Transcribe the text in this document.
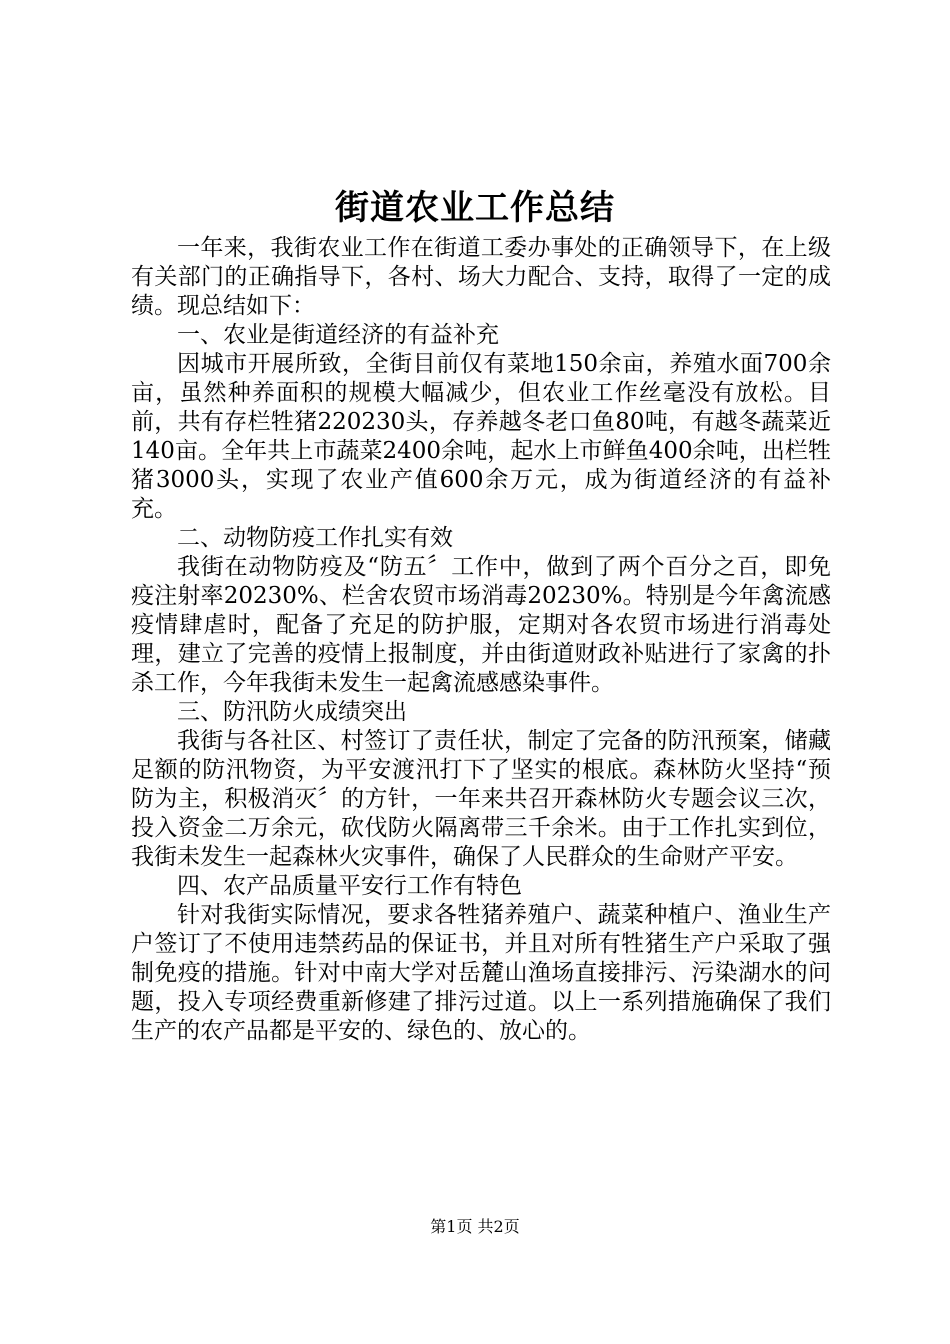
街道农业工作总结

一年来，我街农业工作在街道工委办事处的正确领导下，在上级有关部门的正确指导下，各村、场大力配合、支持，取得了一定的成绩。现总结如下：

一、农业是街道经济的有益补充

因城市开展所致，全街目前仅有菜地150余亩，养殖水面700余亩，虽然种养面积的规模大幅减少，但农业工作丝毫没有放松。目前，共有存栏牲猪220230头，存养越冬老口鱼80吨，有越冬蔬菜近140亩。全年共上市蔬菜2400余吨，起水上市鲜鱼400余吨，出栏牲猪3000头，实现了农业产值600余万元，成为街道经济的有益补充。

二、动物防疫工作扎实有效

我街在动物防疫及“防五〞工作中，做到了两个百分之百，即免疫注射率20230%、栏舍农贸市场消毒20230%。特别是今年禽流感疫情肆虐时，配备了充足的防护服，定期对各农贸市场进行消毒处理，建立了完善的疫情上报制度，并由街道财政补贴进行了家禽的扑杀工作，今年我街未发生一起禽流感感染事件。

三、防汛防火成绩突出

我街与各社区、村签订了责任状，制定了完备的防汛预案，储藏足额的防汛物资，为平安渡汛打下了坚实的根底。森林防火坚持“预防为主，积极消灭〞的方针，一年来共召开森林防火专题会议三次，投入资金二万余元，砍伐防火隔离带三千余米。由于工作扎实到位，我街未发生一起森林火灾事件，确保了人民群众的生命财产平安。

四、农产品质量平安行工作有特色

针对我街实际情况，要求各牲猪养殖户、蔬菜种植户、渔业生产户签订了不使用违禁药品的保证书，并且对所有牲猪生产户采取了强制免疫的措施。针对中南大学对岳麓山渔场直接排污、污染湖水的问题，投入专项经费重新修建了排污过道。以上一系列措施确保了我们生产的农产品都是平安的、绿色的、放心的。

第1页 共2页
